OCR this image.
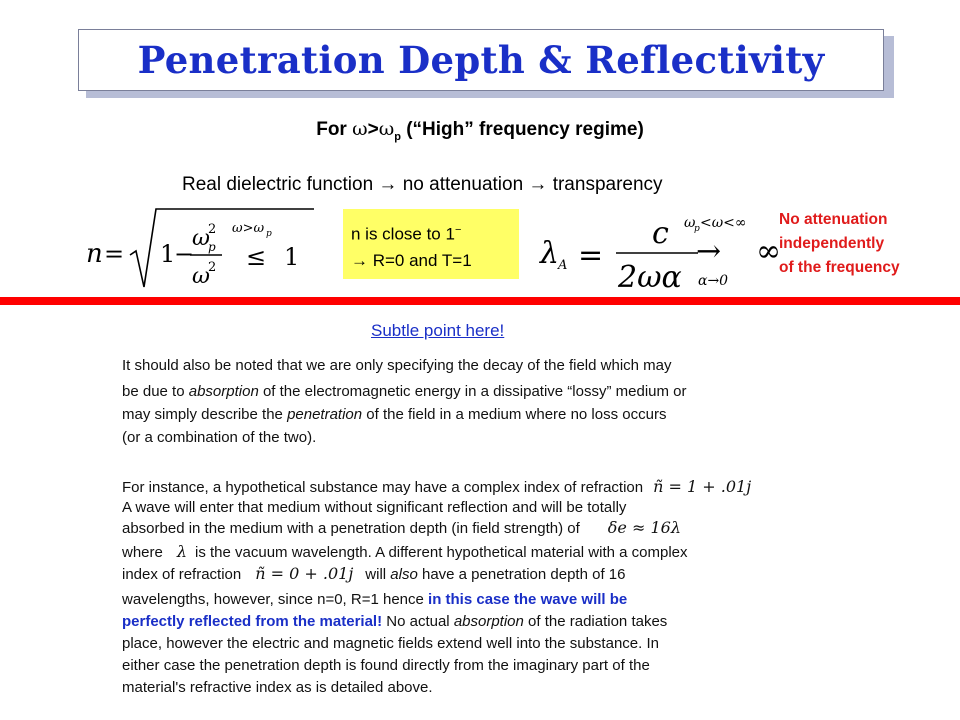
Penetration Depth & Reflectivity
For $\omega>\omega_p$ (“High” frequency regime)
Real dielectric function → no attenuation → transparency
n = 1
−
ω
p
2
ω
2
ω>ω p
≤ 1
n is close to 1−
→ R=0 and T=1	λ
A =
c
2ωα
ω
p <ω<∞
→
α→0
∞
No attenuation
independently
of the frequency
Subtle point here!
It should also be noted that we are only specifying the decay of the field which may
be due to absorption of the electromagnetic energy in a dissipative “lossy” medium or
may simply describe the penetration of the field in a medium where no loss occurs
(or a combination of the two).
For instance, a hypothetical substance may have a complex index of refraction ñ = 1 + .01j
A wave will enter that medium without significant reflection and will be totally
absorbed in the medium with a penetration depth (in field strength) of δe ≈ 16λ
where λ is the vacuum wavelength. A different hypothetical material with a complex
index of refraction ñ = 0 + .01j will also have a penetration depth of 16
wavelengths, however, since n=0, R=1 hence in this case the wave will be
perfectly reflected from the material! No actual absorption of the radiation takes
place, however the electric and magnetic fields extend well into the substance. In
either case the penetration depth is found directly from the imaginary part of the
material's refractive index as is detailed above.
